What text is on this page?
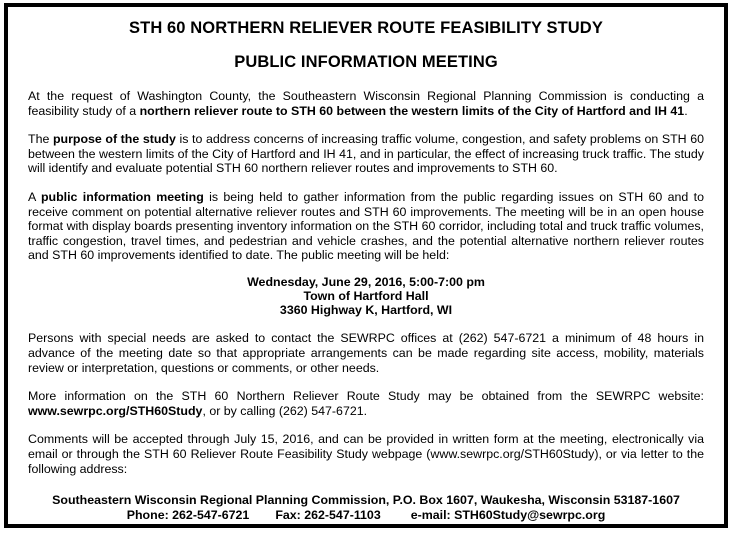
STH 60 NORTHERN RELIEVER ROUTE FEASIBILITY STUDY
PUBLIC INFORMATION MEETING

At the request of Washington County, the Southeastern Wisconsin Regional Planning Commission is conducting a feasibility study of a northern reliever route to STH 60 between the western limits of the City of Hartford and IH 41.

The purpose of the study is to address concerns of increasing traffic volume, congestion, and safety problems on STH 60 between the western limits of the City of Hartford and IH 41, and in particular, the effect of increasing truck traffic. The study will identify and evaluate potential STH 60 northern reliever routes and improvements to STH 60.

A public information meeting is being held to gather information from the public regarding issues on STH 60 and to receive comment on potential alternative reliever routes and STH 60 improvements. The meeting will be in an open house format with display boards presenting inventory information on the STH 60 corridor, including total and truck traffic volumes, traffic congestion, travel times, and pedestrian and vehicle crashes, and the potential alternative northern reliever routes and STH 60 improvements identified to date. The public meeting will be held:

Wednesday, June 29, 2016, 5:00-7:00 pm
Town of Hartford Hall
3360 Highway K, Hartford, WI

Persons with special needs are asked to contact the SEWRPC offices at (262) 547-6721 a minimum of 48 hours in advance of the meeting date so that appropriate arrangements can be made regarding site access, mobility, materials review or interpretation, questions or comments, or other needs.

More information on the STH 60 Northern Reliever Route Study may be obtained from the SEWRPC website: www.sewrpc.org/STH60Study, or by calling (262) 547-6721.

Comments will be accepted through July 15, 2016, and can be provided in written form at the meeting, electronically via email or through the STH 60 Reliever Route Feasibility Study webpage (www.sewrpc.org/STH60Study), or via letter to the following address:

Southeastern Wisconsin Regional Planning Commission, P.O. Box 1607, Waukesha, Wisconsin 53187-1607
Phone: 262-547-6721 Fax: 262-547-1103 e-mail: STH60Study@sewrpc.org
